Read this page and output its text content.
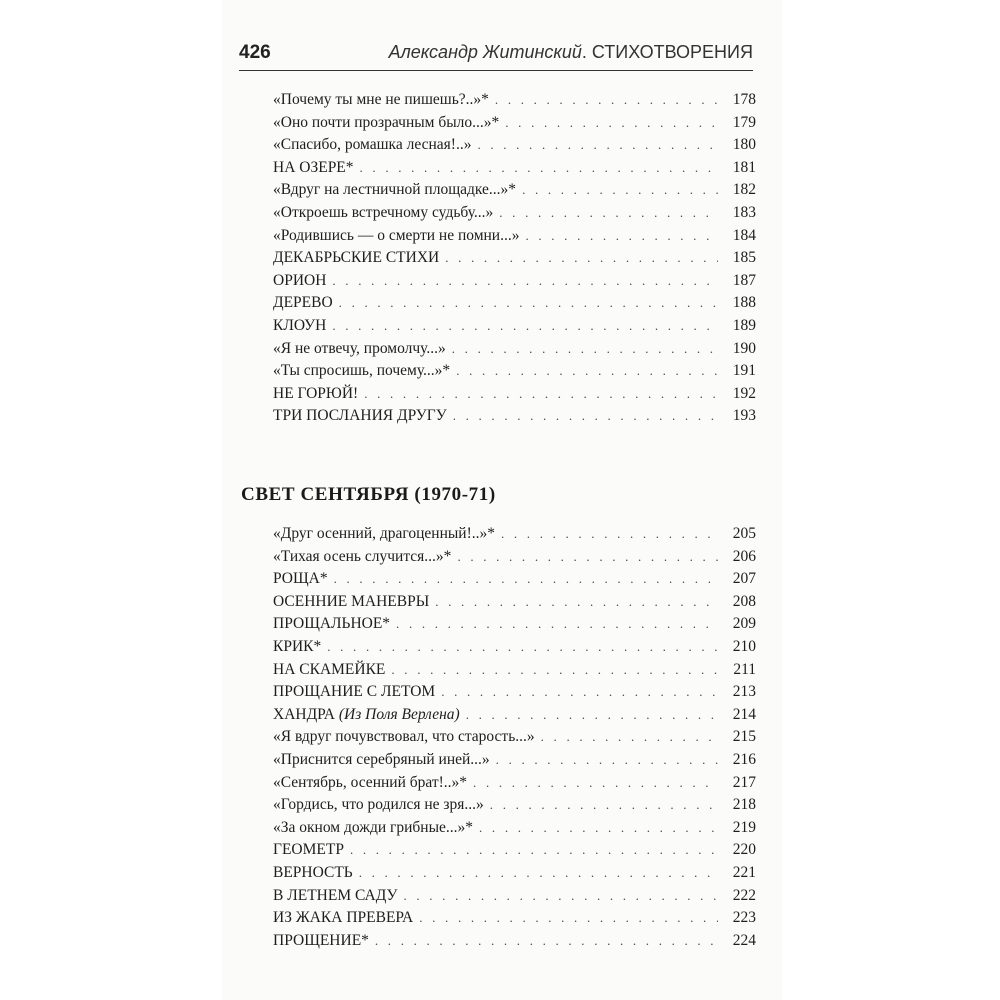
426	Александр Житинский. СТИХОТВОРЕНИЯ
«Почему ты мне не пишешь?..»* . . .	178
«Оно почти прозрачным было...»* . . .	179
«Спасибо, ромашка лесная!..» . . .	180
НА ОЗЕРЕ* . . .	181
«Вдруг на лестничной площадке...»* . . .	182
«Откроешь встречному судьбу...» . . .	183
«Родившись — о смерти не помни...» . . .	184
ДЕКАБРЬСКИЕ СТИХИ . . .	185
ОРИОН . . .	187
ДЕРЕВО . . .	188
КЛОУН . . .	189
«Я не отвечу, промолчу...» . . .	190
«Ты спросишь, почему...»* . . .	191
НЕ ГОРЮЙ! . . .	192
ТРИ ПОСЛАНИЯ ДРУГУ . . .	193
СВЕТ СЕНТЯБРЯ (1970-71)
«Друг осенний, драгоценный!..»* . . .	205
«Тихая осень случится...»* . . .	206
РОЩА* . . .	207
ОСЕННИЕ МАНЕВРЫ . . .	208
ПРОЩАЛЬНОЕ* . . .	209
КРИК* . . .	210
НА СКАМЕЙКЕ . . .	211
ПРОЩАНИЕ С ЛЕТОМ . . .	213
ХАНДРА (Из Поля Верлена) . . .	214
«Я вдруг почувствовал, что старость...» . . .	215
«Приснится серебряный иней...» . . .	216
«Сентябрь, осенний брат!..»* . . .	217
«Гордись, что родился не зря...» . . .	218
«За окном дожди грибные...»* . . .	219
ГЕОМЕТР . . .	220
ВЕРНОСТЬ . . .	221
В ЛЕТНЕМ САДУ . . .	222
ИЗ ЖАКА ПРЕВЕРА . . .	223
ПРОЩЕНИЕ* . . .	224
